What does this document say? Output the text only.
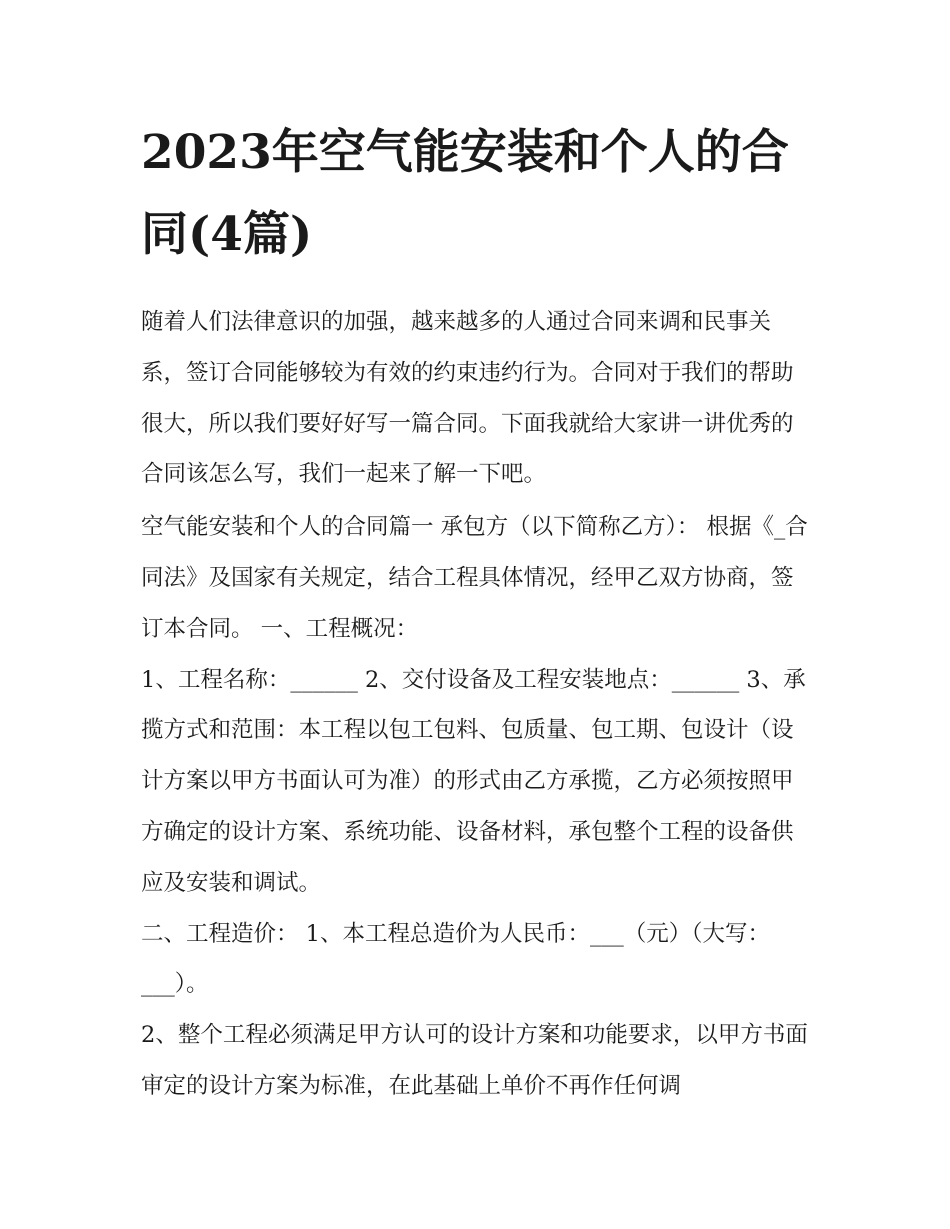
2023年空气能安装和个人的合同(4篇)

随着人们法律意识的加强，越来越多的人通过合同来调和民事关系，签订合同能够较为有效的约束违约行为。合同对于我们的帮助很大，所以我们要好好写一篇合同。下面我就给大家讲一讲优秀的合同该怎么写，我们一起来了解一下吧。

空气能安装和个人的合同篇一 承包方（以下简称乙方）： 根据《_合同法》及国家有关规定，结合工程具体情况，经甲乙双方协商，签订本合同。 一、工程概况：

1、工程名称：______ 2、交付设备及工程安装地点：______ 3、承揽方式和范围：本工程以包工包料、包质量、包工期、包设计（设计方案以甲方书面认可为准）的形式由乙方承揽，乙方必须按照甲方确定的设计方案、系统功能、设备材料，承包整个工程的设备供应及安装和调试。

二、工程造价： 1、本工程总造价为人民币：___（元）（大写：___）。

2、整个工程必须满足甲方认可的设计方案和功能要求，以甲方书面审定的设计方案为标准，在此基础上单价不再作任何调
